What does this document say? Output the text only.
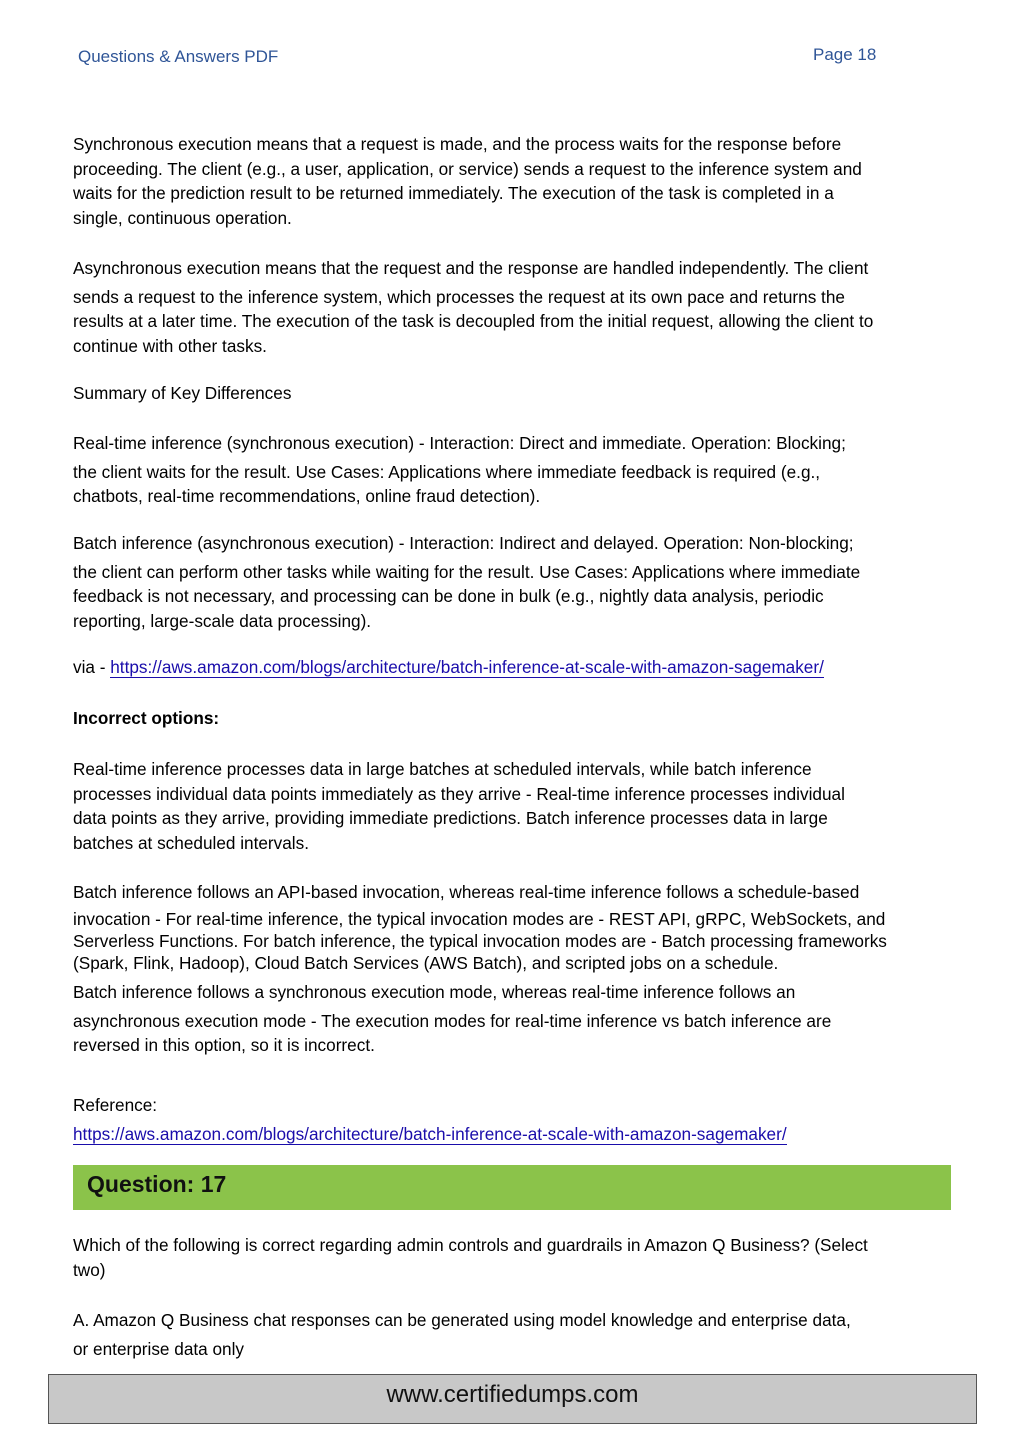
Questions & Answers PDF	Page 18
Synchronous execution means that a request is made, and the process waits for the response before
proceeding. The client (e.g., a user, application, or service) sends a request to the inference system and
waits for the prediction result to be returned immediately. The execution of the task is completed in a
single, continuous operation.
Asynchronous execution means that the request and the response are handled independently. The client
sends a request to the inference system, which processes the request at its own pace and returns the
results at a later time. The execution of the task is decoupled from the initial request, allowing the client to
continue with other tasks.
Summary of Key Differences
Real-time inference (synchronous execution) - Interaction: Direct and immediate. Operation: Blocking;
the client waits for the result. Use Cases: Applications where immediate feedback is required (e.g.,
chatbots, real-time recommendations, online fraud detection).
Batch inference (asynchronous execution) - Interaction: Indirect and delayed. Operation: Non-blocking;
the client can perform other tasks while waiting for the result. Use Cases: Applications where immediate
feedback is not necessary, and processing can be done in bulk (e.g., nightly data analysis, periodic
reporting, large-scale data processing).
via - https://aws.amazon.com/blogs/architecture/batch-inference-at-scale-with-amazon-sagemaker/
Incorrect options:
Real-time inference processes data in large batches at scheduled intervals, while batch inference
processes individual data points immediately as they arrive - Real-time inference processes individual
data points as they arrive, providing immediate predictions. Batch inference processes data in large
batches at scheduled intervals.
Batch inference follows an API-based invocation, whereas real-time inference follows a schedule-based
invocation - For real-time inference, the typical invocation modes are - REST API, gRPC, WebSockets, and
Serverless Functions. For batch inference, the typical invocation modes are - Batch processing frameworks
(Spark, Flink, Hadoop), Cloud Batch Services (AWS Batch), and scripted jobs on a schedule.
Batch inference follows a synchronous execution mode, whereas real-time inference follows an
asynchronous execution mode - The execution modes for real-time inference vs batch inference are
reversed in this option, so it is incorrect.
Reference:
https://aws.amazon.com/blogs/architecture/batch-inference-at-scale-with-amazon-sagemaker/
Which of the following is correct regarding admin controls and guardrails in Amazon Q Business? (Select
two)
A. Amazon Q Business chat responses can be generated using model knowledge and enterprise data,
or enterprise data only
Question: 17
www.certifiedumps.com
